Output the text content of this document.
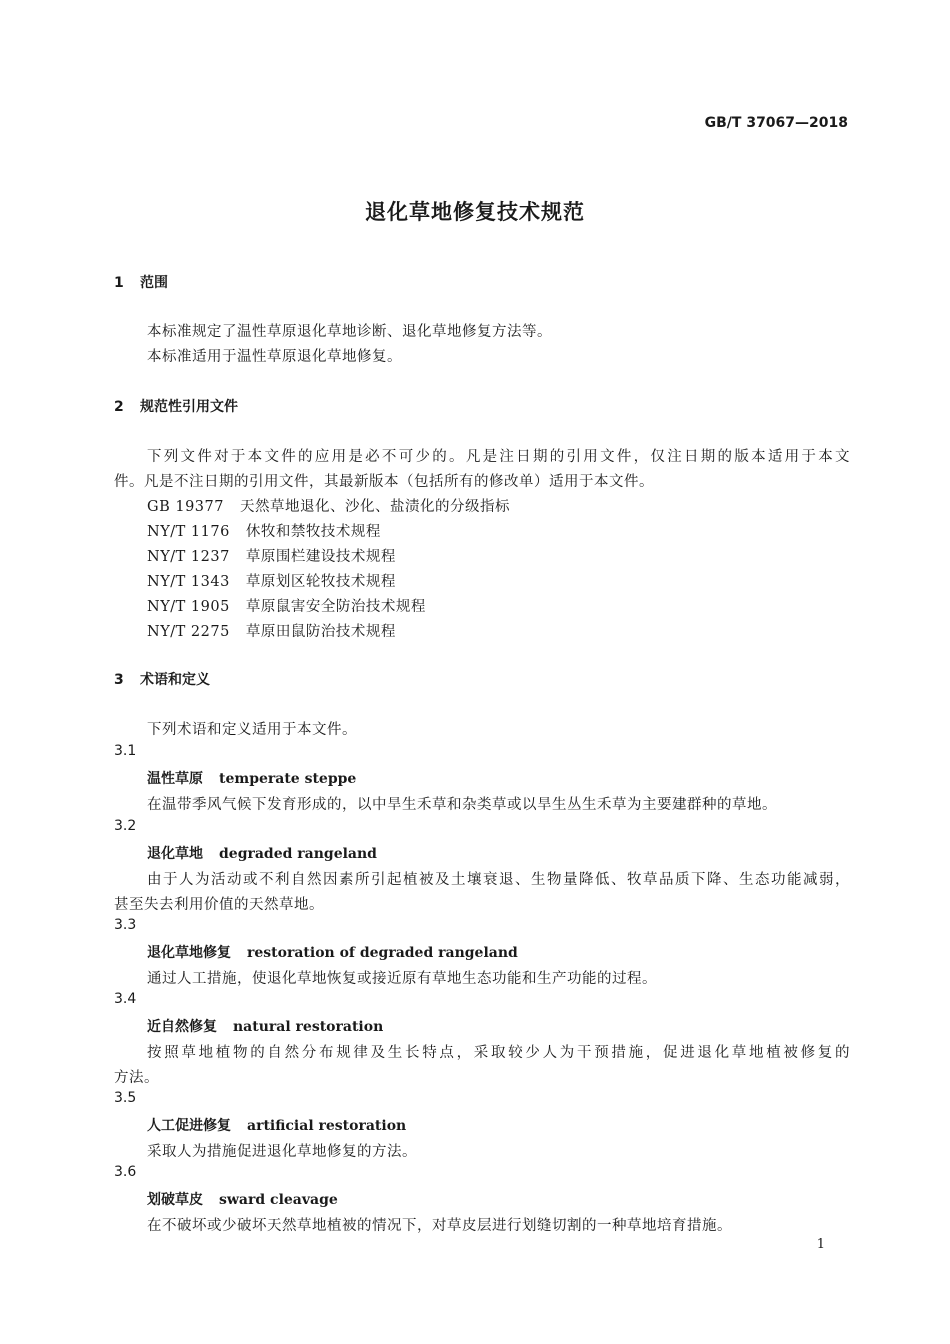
GB/T 37067—2018
退化草地修复技术规范
1 范围
本标准规定了温性草原退化草地诊断、退化草地修复方法等。
本标准适用于温性草原退化草地修复。
2 规范性引用文件
下列文件对于本文件的应用是必不可少的。凡是注日期的引用文件，仅注日期的版本适用于本文
件。凡是不注日期的引用文件，其最新版本（包括所有的修改单）适用于本文件。
GB 19377 天然草地退化、沙化、盐渍化的分级指标
NY/T 1176 休牧和禁牧技术规程
NY/T 1237 草原围栏建设技术规程
NY/T 1343 草原划区轮牧技术规程
NY/T 1905 草原鼠害安全防治技术规程
NY/T 2275 草原田鼠防治技术规程
3 术语和定义
下列术语和定义适用于本文件。
3.1
温性草原 temperate steppe
在温带季风气候下发育形成的，以中旱生禾草和杂类草或以旱生丛生禾草为主要建群种的草地。
3.2
退化草地 degraded rangeland
由于人为活动或不利自然因素所引起植被及土壤衰退、生物量降低、牧草品质下降、生态功能减弱，
甚至失去利用价值的天然草地。
3.3
退化草地修复 restoration of degraded rangeland
通过人工措施，使退化草地恢复或接近原有草地生态功能和生产功能的过程。
3.4
近自然修复 natural restoration
按照草地植物的自然分布规律及生长特点，采取较少人为干预措施，促进退化草地植被修复的
方法。
3.5
人工促进修复 artificial restoration
采取人为措施促进退化草地修复的方法。
3.6
划破草皮 sward cleavage
在不破坏或少破坏天然草地植被的情况下，对草皮层进行划缝切割的一种草地培育措施。
1
